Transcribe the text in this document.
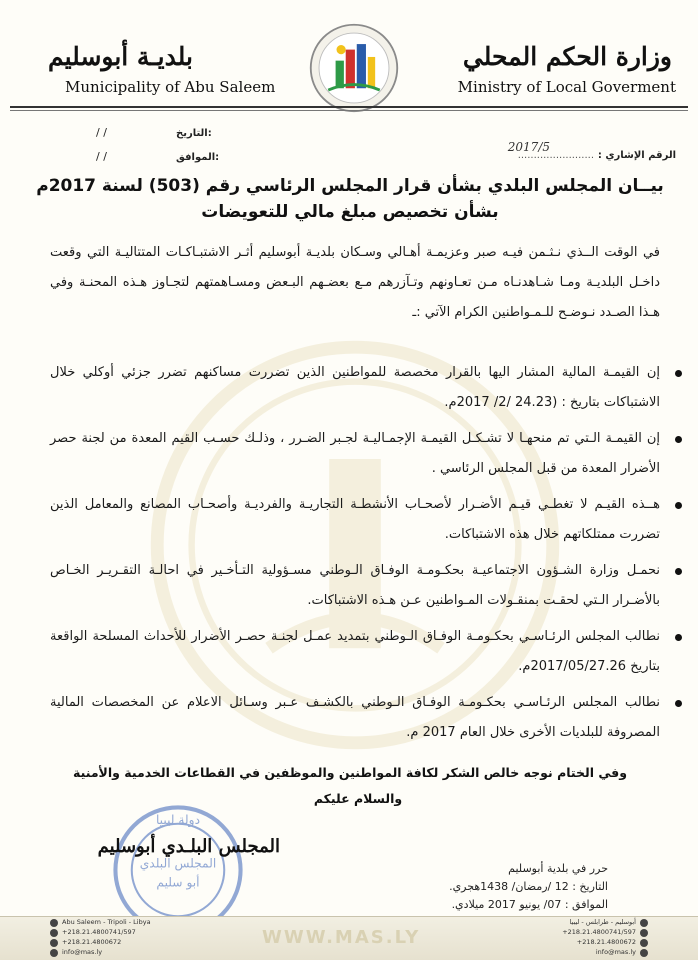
وزارة الحكم المحلي
Ministry of Local Goverment
بلديـة أبوسليم
Municipality of Abu Saleem
الرقم الإشاري :
........................
2017/5
:التاريخ
/ /
:الموافق
/ /
بيــان المجلس البلدي بشأن قرار المجلس الرئاسي رقم (503) لسنة 2017م
بشأن تخصيص مبلغ مالي للتعويضات

في الوقت الــذي نـثـمن فيـه صبر وعزيمـة أهـالي وسـكان بلديـة أبوسليم أثـر الاشتبـاكـات المتتاليـة التي وقعت داخـل البلديـة ومـا شـاهدنـاه مـن تعـاونهم وتـآزرهم مـع بعضـهم البـعض ومسـاهمتهم لتجـاوز هـذه المحنـة وفي هـذا الصـدد نـوضـح للـمـواطنين الكرام الآتي :ـ

إن القيمـة المالية المشار اليها بالقرار مخصصة للمواطنين الذين تضررت مساكنهم تضرر جزئي أوكلي خلال الاشتباكات بتاريخ : (24.23 /2/ 2017م.
إن القيمـة الـتي تم منحهـا لا تشـكـل القيمـة الإجمـاليـة لجـبر الضـرر ، وذلـك حسـب القيم المعدة من لجنة حصر الأضرار المعدة من قبل المجلس الرئاسي .
هــذه القيـم لا تغطـي قيـم الأضـرار لأصحـاب الأنشطـة التجاريـة والفرديـة وأصحـاب المصانع والمعامل الذين تضررت ممتلكاتهم خلال هذه الاشتباكات.
نحمـل وزارة الشـؤون الاجتماعيـة بحكـومـة الوفـاق الـوطني مسـؤولية التـأخـير في احالـة التقـريـر الخـاص بالأضـرار الـتي لحقـت بمنقـولات المـواطنين عـن هـذه الاشتباكات.
نطالب المجلس الرئـاسـي بحكـومـة الوفـاق الـوطني بتمديد عمـل لجنـة حصـر الأضرار للأحداث المسلحة الواقعة بتاريخ 2017/05/27.26م.
نطالب المجلس الرئـاسـي بحكـومـة الوفـاق الـوطني بالكشـف عـبر وسـائل الاعلام عن المخصصات المالية المصروفة للبلديات الأخرى خلال العام 2017 م.
وفي الختام نوجه خالص الشكر لكافة المواطنين والموظفين في القطاعات الخدمية والأمنية
والسلام عليكم
دولة ليبيا
المجلس البلدي
أبو سليم
المجلس البلـدي أبوسليم
حرر في بلدية أبوسليم
التاريخ : 12 /رمضان/ 1438هجري.
الموافق : 07/ يونيو 2017 ميلادي.
WWW.MAS.LY
Abu Saleem - Tripoli - Libya
+218.21.4800741/597
+218.21.4800672
info@mas.ly
أبوسليم - طرابلس - ليبيا
+218.21.4800741/597
+218.21.4800672
info@mas.ly
